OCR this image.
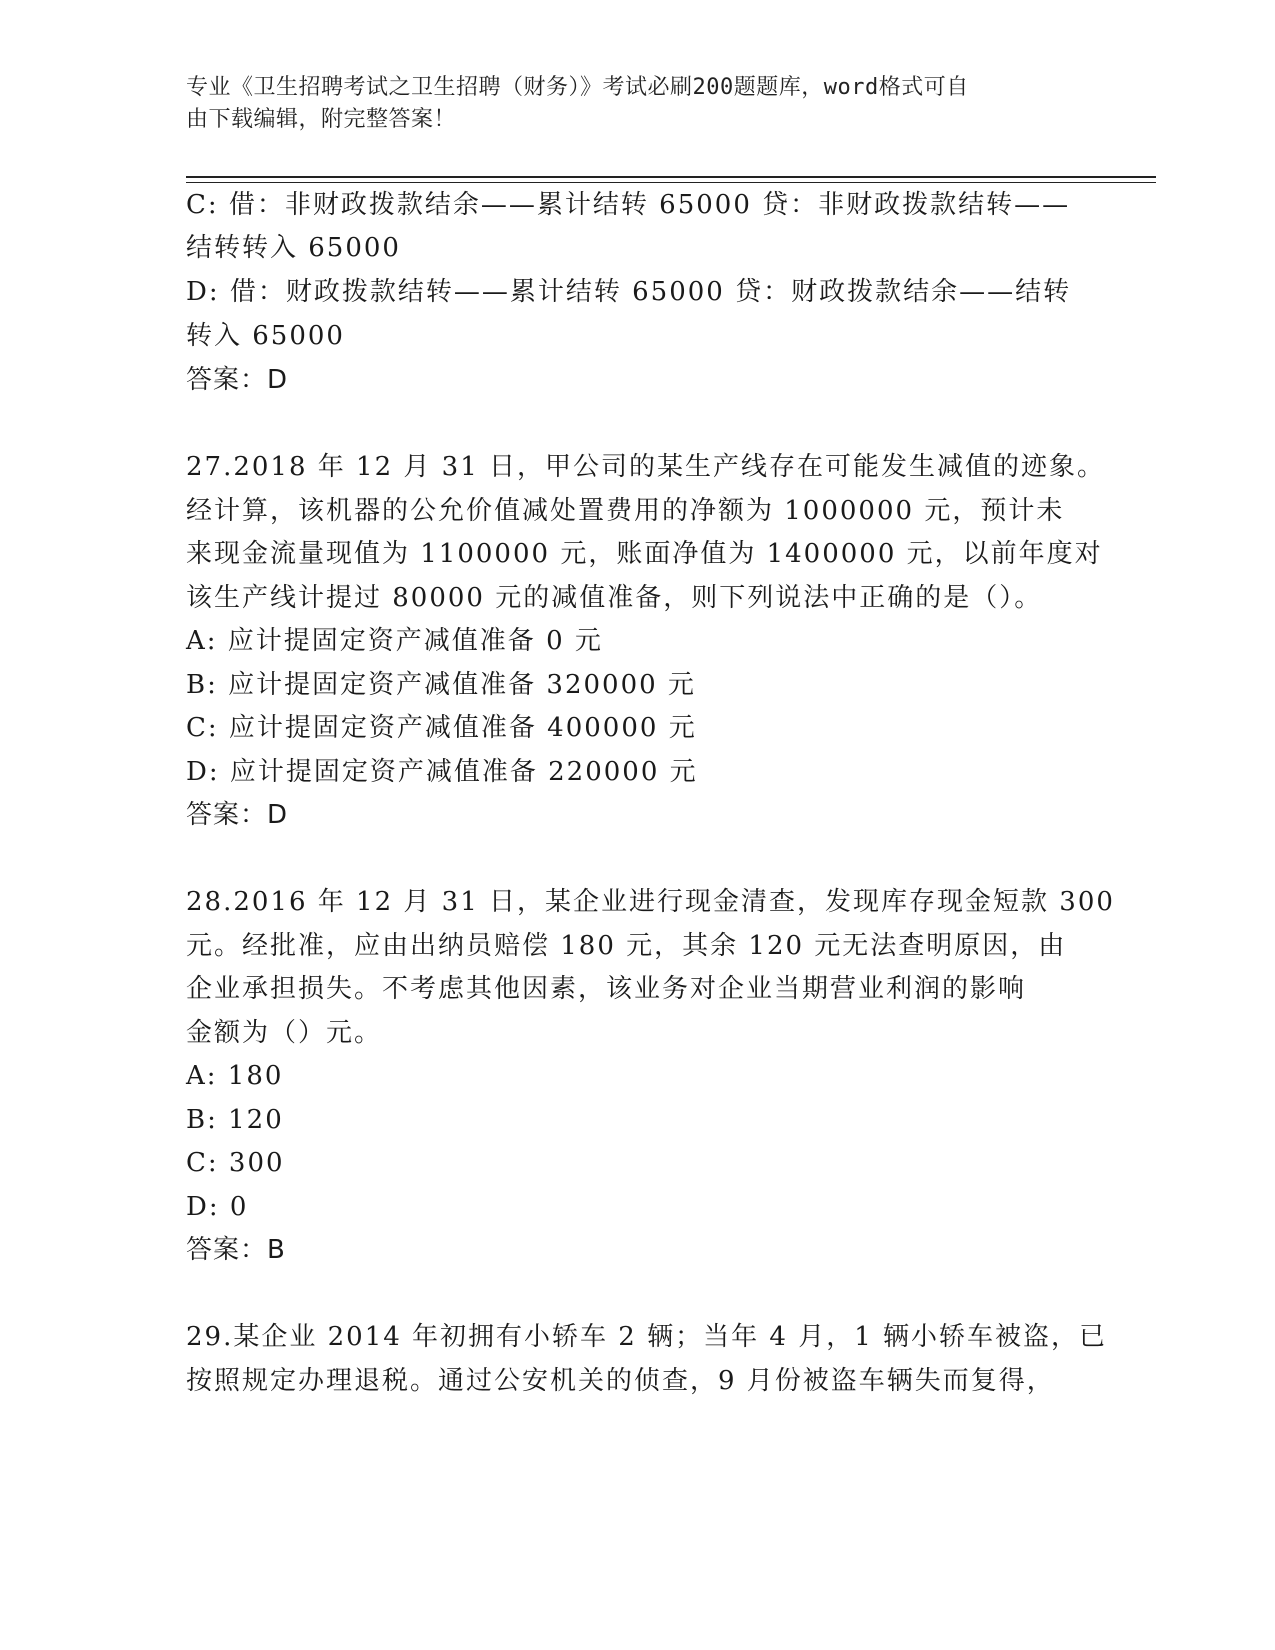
专业《卫生招聘考试之卫生招聘（财务）》考试必刷200题题库，word格式可自
由下载编辑，附完整答案！
C: 借：非财政拨款结余——累计结转 65000 贷：非财政拨款结转——
结转转入 65000
D: 借：财政拨款结转——累计结转 65000 贷：财政拨款结余——结转
转入 65000
答案：D
27.2018 年 12 月 31 日，甲公司的某生产线存在可能发生减值的迹象。
经计算，该机器的公允价值减处置费用的净额为 1000000 元，预计未
来现金流量现值为 1100000 元，账面净值为 1400000 元，以前年度对
该生产线计提过 80000 元的减值准备，则下列说法中正确的是（）。
A: 应计提固定资产减值准备 0 元
B: 应计提固定资产减值准备 320000 元
C: 应计提固定资产减值准备 400000 元
D: 应计提固定资产减值准备 220000 元
答案：D
28.2016 年 12 月 31 日，某企业进行现金清查，发现库存现金短款 300
元。经批准，应由出纳员赔偿 180 元，其余 120 元无法查明原因，由
企业承担损失。不考虑其他因素，该业务对企业当期营业利润的影响
金额为（）元。
A: 180
B: 120
C: 300
D: 0
答案：B
29.某企业 2014 年初拥有小轿车 2 辆；当年 4 月，1 辆小轿车被盗，已
按照规定办理退税。通过公安机关的侦查，9 月份被盗车辆失而复得，
